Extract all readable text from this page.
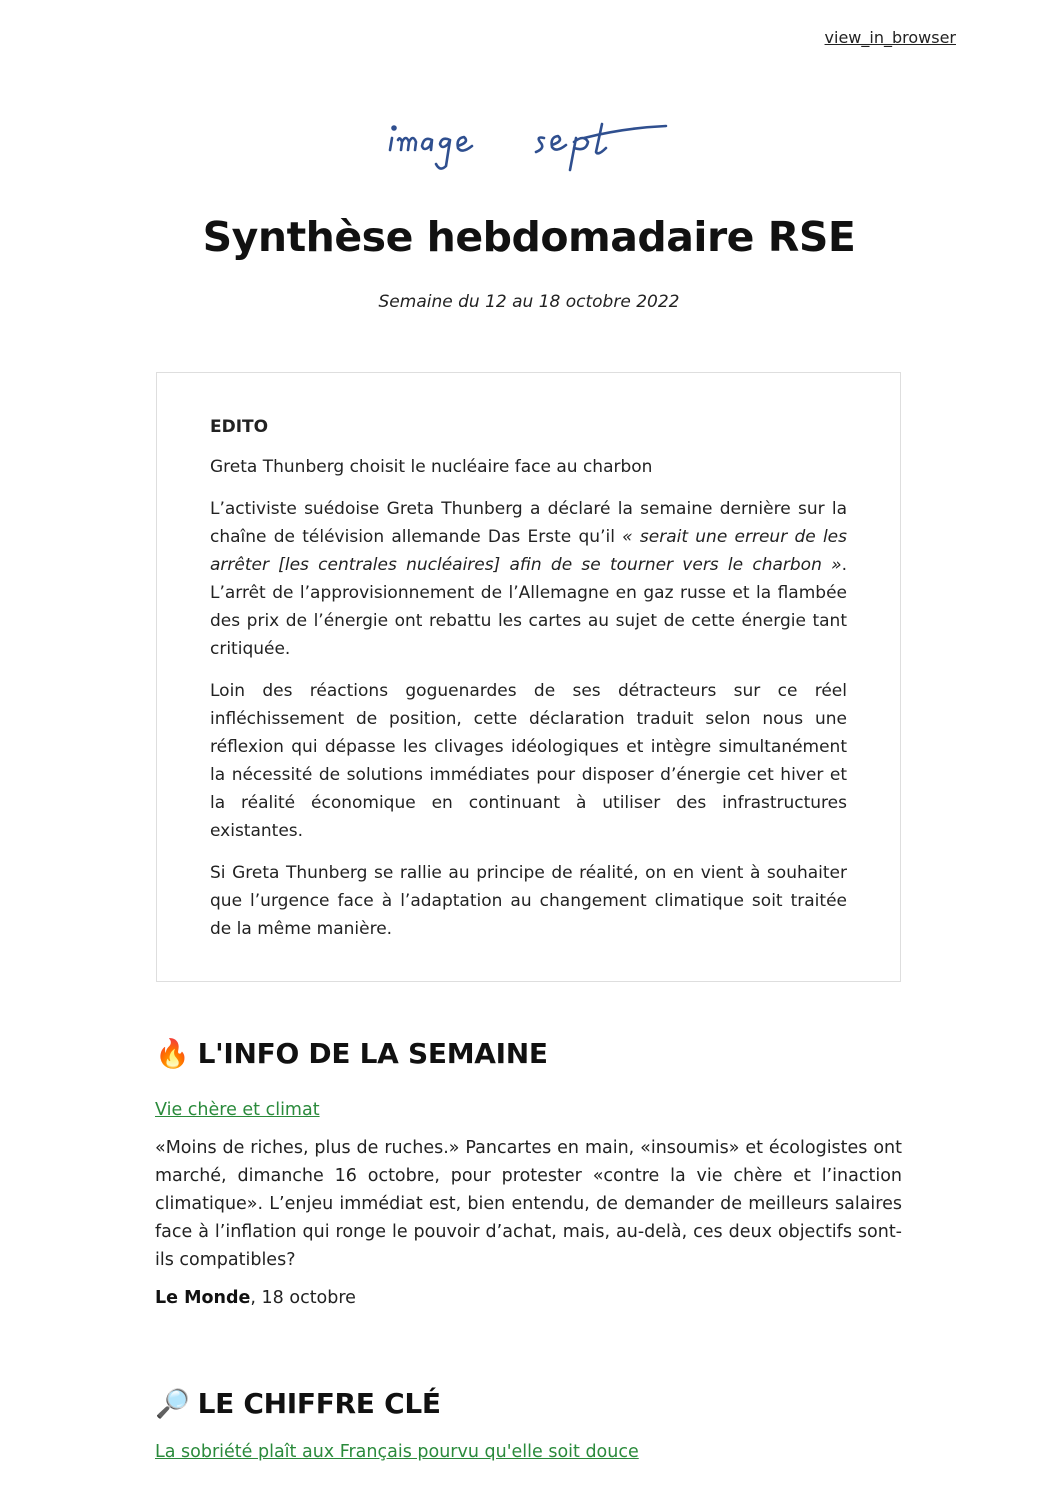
view_in_browser
Synthèse hebdomadaire RSE
Semaine du 12 au 18 octobre 2022

EDITO

Greta Thunberg choisit le nucléaire face au charbon

L’activiste suédoise Greta Thunberg a déclaré la semaine dernière sur la chaîne de télévision allemande Das Erste qu’il « serait une erreur de les arrêter [les centrales nucléaires] afin de se tourner vers le charbon ». L’arrêt de l’approvisionnement de l’Allemagne en gaz russe et la flambée des prix de l’énergie ont rebattu les cartes au sujet de cette énergie tant critiquée.

Loin des réactions goguenardes de ses détracteurs sur ce réel infléchissement de position, cette déclaration traduit selon nous une réflexion qui dépasse les clivages idéologiques et intègre simultanément la nécessité de solutions immédiates pour disposer d’énergie cet hiver et la réalité économique en continuant à utiliser des infrastructures existantes.

Si Greta Thunberg se rallie au principe de réalité, on en vient à souhaiter que l’urgence face à l’adaptation au changement climatique soit traitée de la même manière.

🔥 L'INFO DE LA SEMAINE
Vie chère et climat

«Moins de riches, plus de ruches.» Pancartes en main, «insoumis» et écologistes ont marché, dimanche 16 octobre, pour protester «contre la vie chère et l’inaction climatique». L’enjeu immédiat est, bien entendu, de demander de meilleurs salaires face à l’inflation qui ronge le pouvoir d’achat, mais, au-delà, ces deux objectifs sont-ils compatibles?

Le Monde, 18 octobre

🔎 LE CHIFFRE CLÉ
La sobriété plaît aux Français pourvu qu'elle soit douce
